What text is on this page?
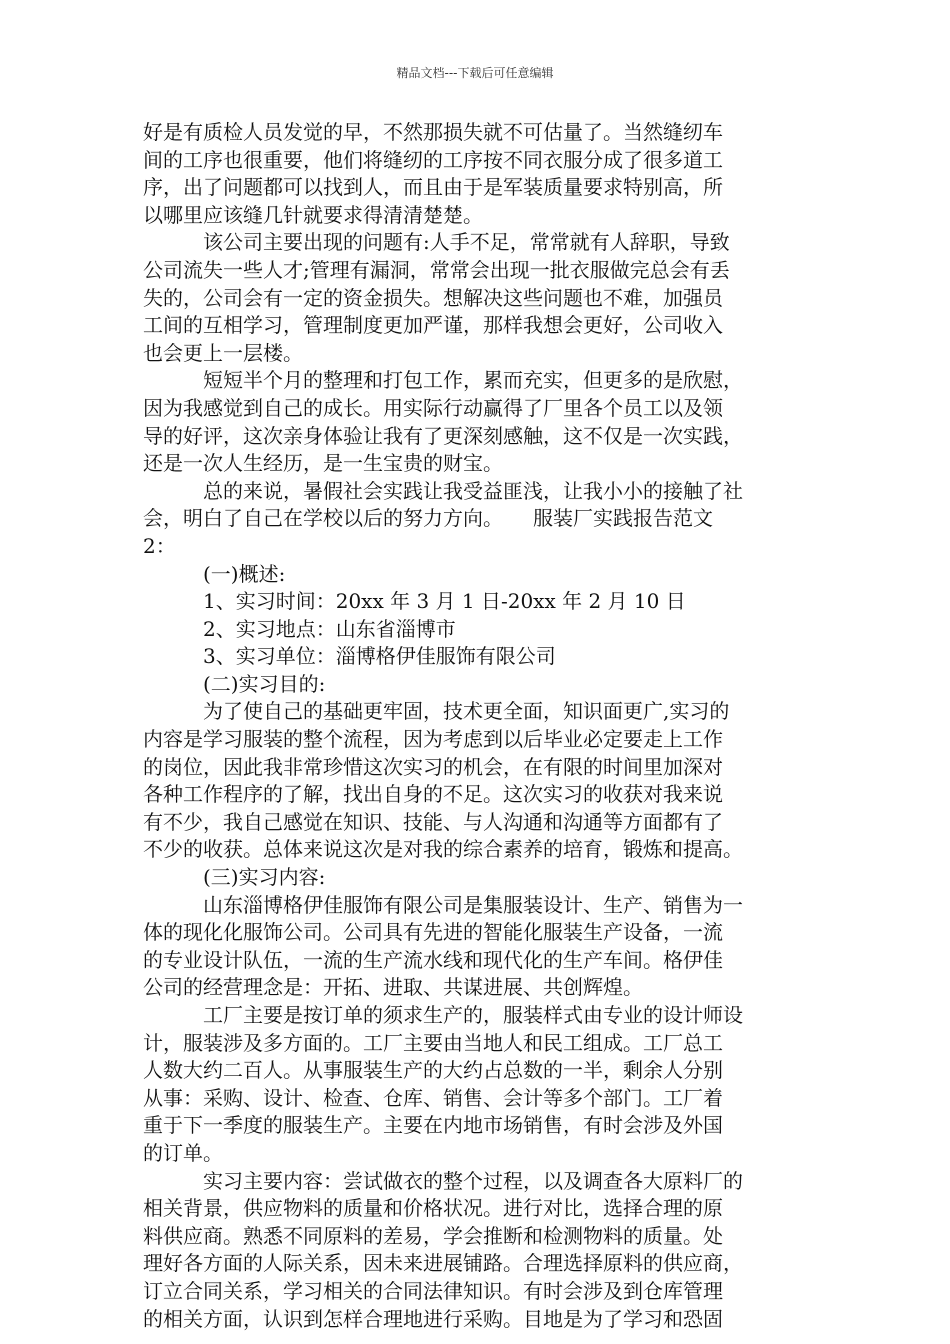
精品文档---下载后可任意编辑
好是有质检人员发觉的早，不然那损失就不可估量了。当然缝纫车
间的工序也很重要，他们将缝纫的工序按不同衣服分成了很多道工
序，出了问题都可以找到人，而且由于是军装质量要求特别高，所
以哪里应该缝几针就要求得清清楚楚。
该公司主要出现的问题有:人手不足，常常就有人辞职，导致
公司流失一些人才;管理有漏洞，常常会出现一批衣服做完总会有丢
失的，公司会有一定的资金损失。想解决这些问题也不难，加强员
工间的互相学习，管理制度更加严谨，那样我想会更好，公司收入
也会更上一层楼。
短短半个月的整理和打包工作，累而充实，但更多的是欣慰，
因为我感觉到自己的成长。用实际行动赢得了厂里各个员工以及领
导的好评，这次亲身体验让我有了更深刻感触，这不仅是一次实践，
还是一次人生经历，是一生宝贵的财宝。
总的来说，暑假社会实践让我受益匪浅，让我小小的接触了社
会，明白了自己在学校以后的努力方向。　　服装厂实践报告范文
2：
(一)概述:
1、实习时间：20xx 年 3 月 1 日-20xx 年 2 月 10 日
2、实习地点：山东省淄博市
3、实习单位：淄博格伊佳服饰有限公司
(二)实习目的:
为了使自己的基础更牢固，技术更全面，知识面更广,实习的
内容是学习服装的整个流程，因为考虑到以后毕业必定要走上工作
的岗位，因此我非常珍惜这次实习的机会，在有限的时间里加深对
各种工作程序的了解，找出自身的不足。这次实习的收获对我来说
有不少，我自己感觉在知识、技能、与人沟通和沟通等方面都有了
不少的收获。总体来说这次是对我的综合素养的培育，锻炼和提高。
(三)实习内容:
山东淄博格伊佳服饰有限公司是集服装设计、生产、销售为一
体的现化化服饰公司。公司具有先进的智能化服装生产设备，一流
的专业设计队伍，一流的生产流水线和现代化的生产车间。格伊佳
公司的经营理念是：开拓、进取、共谋进展、共创辉煌。
工厂主要是按订单的须求生产的，服装样式由专业的设计师设
计，服装涉及多方面的。工厂主要由当地人和民工组成。工厂总工
人数大约二百人。从事服装生产的大约占总数的一半，剩余人分别
从事：采购、设计、检查、仓库、销售、会计等多个部门。工厂着
重于下一季度的服装生产。主要在内地市场销售，有时会涉及外国
的订单。
实习主要内容：尝试做衣的整个过程，以及调查各大原料厂的
相关背景，供应物料的质量和价格状况。进行对比，选择合理的原
料供应商。熟悉不同原料的差易，学会推断和检测物料的质量。处
理好各方面的人际关系，因未来进展铺路。合理选择原料的供应商，
订立合同关系，学习相关的合同法律知识。有时会涉及到仓库管理
的相关方面，认识到怎样合理地进行采购。目地是为了学习和恐固
